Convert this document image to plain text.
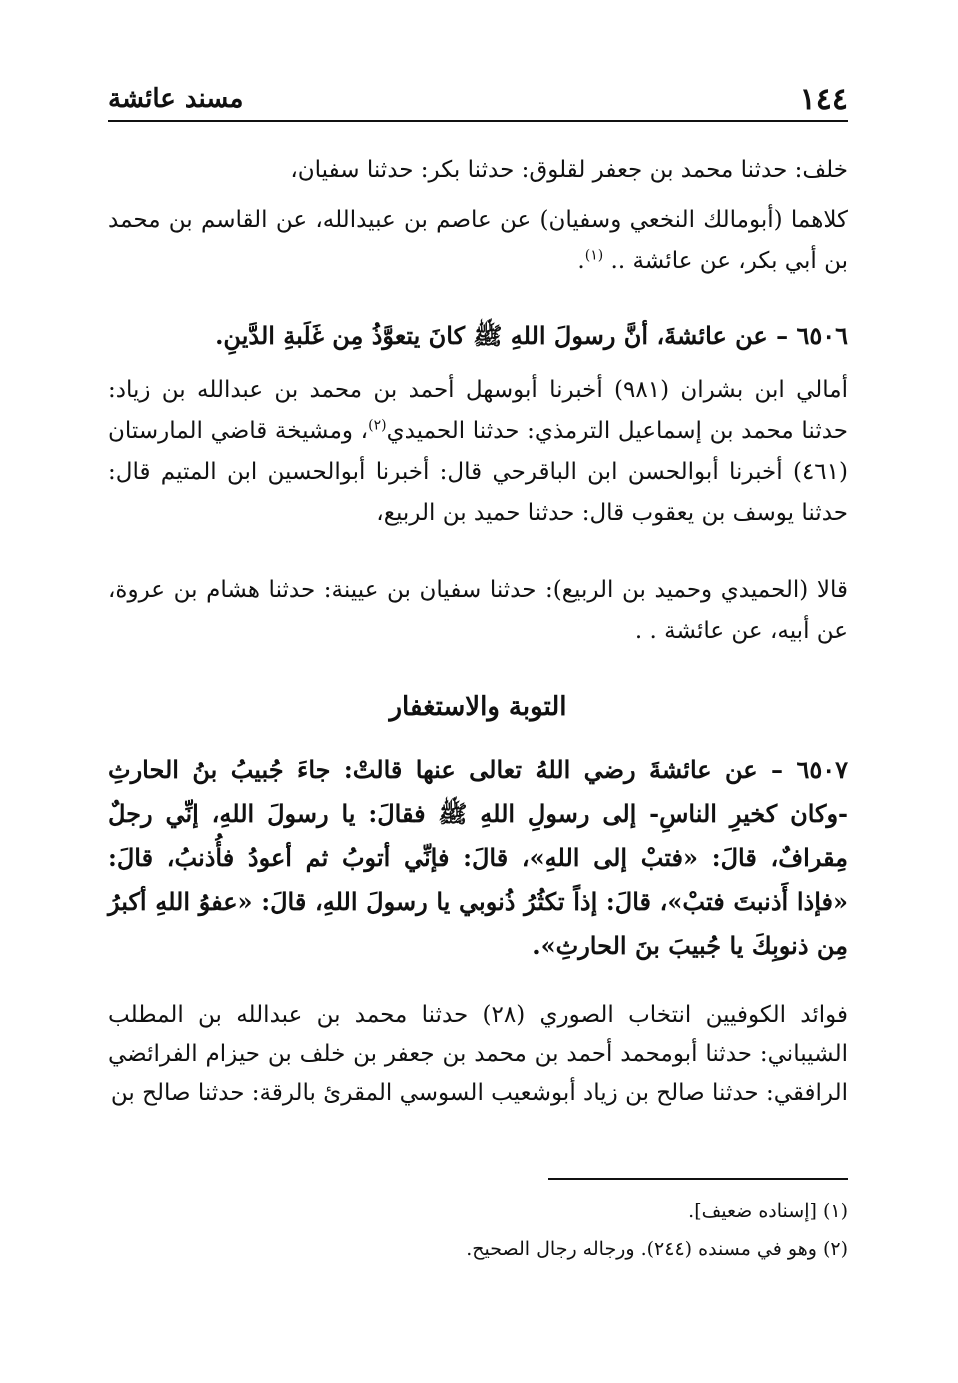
١٤٤
مسند عائشة

خلف: حدثنا محمد بن جعفر لقلوق: حدثنا بكر: حدثنا سفيان،

كلاهما (أبومالك النخعي وسفيان) عن عاصم بن عبيدالله، عن القاسم بن محمد بن أبي بكر، عن عائشة .. $^{(١)}$.

٦٥٠٦ – عن عائشةَ، أنَّ رسولَ اللهِ ﷺ كانَ يتعوَّذُ مِن غَلَبةِ الدَّينِ.

أمالي ابن بشران (٩٨١) أخبرنا أبوسهل أحمد بن محمد بن عبدالله بن زياد: حدثنا محمد بن إسماعيل الترمذي: حدثنا الحميدي$^{(٢)}$، ومشيخة قاضي المارستان (٤٦١) أخبرنا أبوالحسن ابن الباقرحي قال: أخبرنا أبوالحسين ابن المتيم قال: حدثنا يوسف بن يعقوب قال: حدثنا حميد بن الربيع،

قالا (الحميدي وحميد بن الربيع): حدثنا سفيان بن عيينة: حدثنا هشام بن عروة، عن أبيه، عن عائشة . .

التوبة والاستغفار

٦٥٠٧ – عن عائشةَ رضي اللهُ تعالى عنها قالتْ: جاءَ جُبيبُ بنُ الحارثِ -وكان كخيرِ الناسِ- إلى رسولِ اللهِ ﷺ فقالَ: يا رسولَ اللهِ، إنِّي رجلٌ مِقرافٌ، قالَ: «فتبْ إلى اللهِ»، قالَ: فإنِّي أتوبُ ثم أعودُ فأُذنبُ، قالَ: «فإذا أَذنبتَ فتبْ»، قالَ: إذاً تكثُرُ ذُنوبي يا رسولَ اللهِ، قالَ: «عفوُ اللهِ أكبرُ مِن ذنوبِكَ يا جُبيبَ بنَ الحارثِ».

فوائد الكوفيين انتخاب الصوري (٢٨) حدثنا محمد بن عبدالله بن المطلب الشيباني: حدثنا أبومحمد أحمد بن محمد بن جعفر بن خلف بن حيزام الفرائضي الرافقي: حدثنا صالح بن زياد أبوشعيب السوسي المقرئ بالرقة: حدثنا صالح بن

(١) [إسناده ضعيف].
(٢) وهو في مسنده (٢٤٤). ورجاله رجال الصحيح.
